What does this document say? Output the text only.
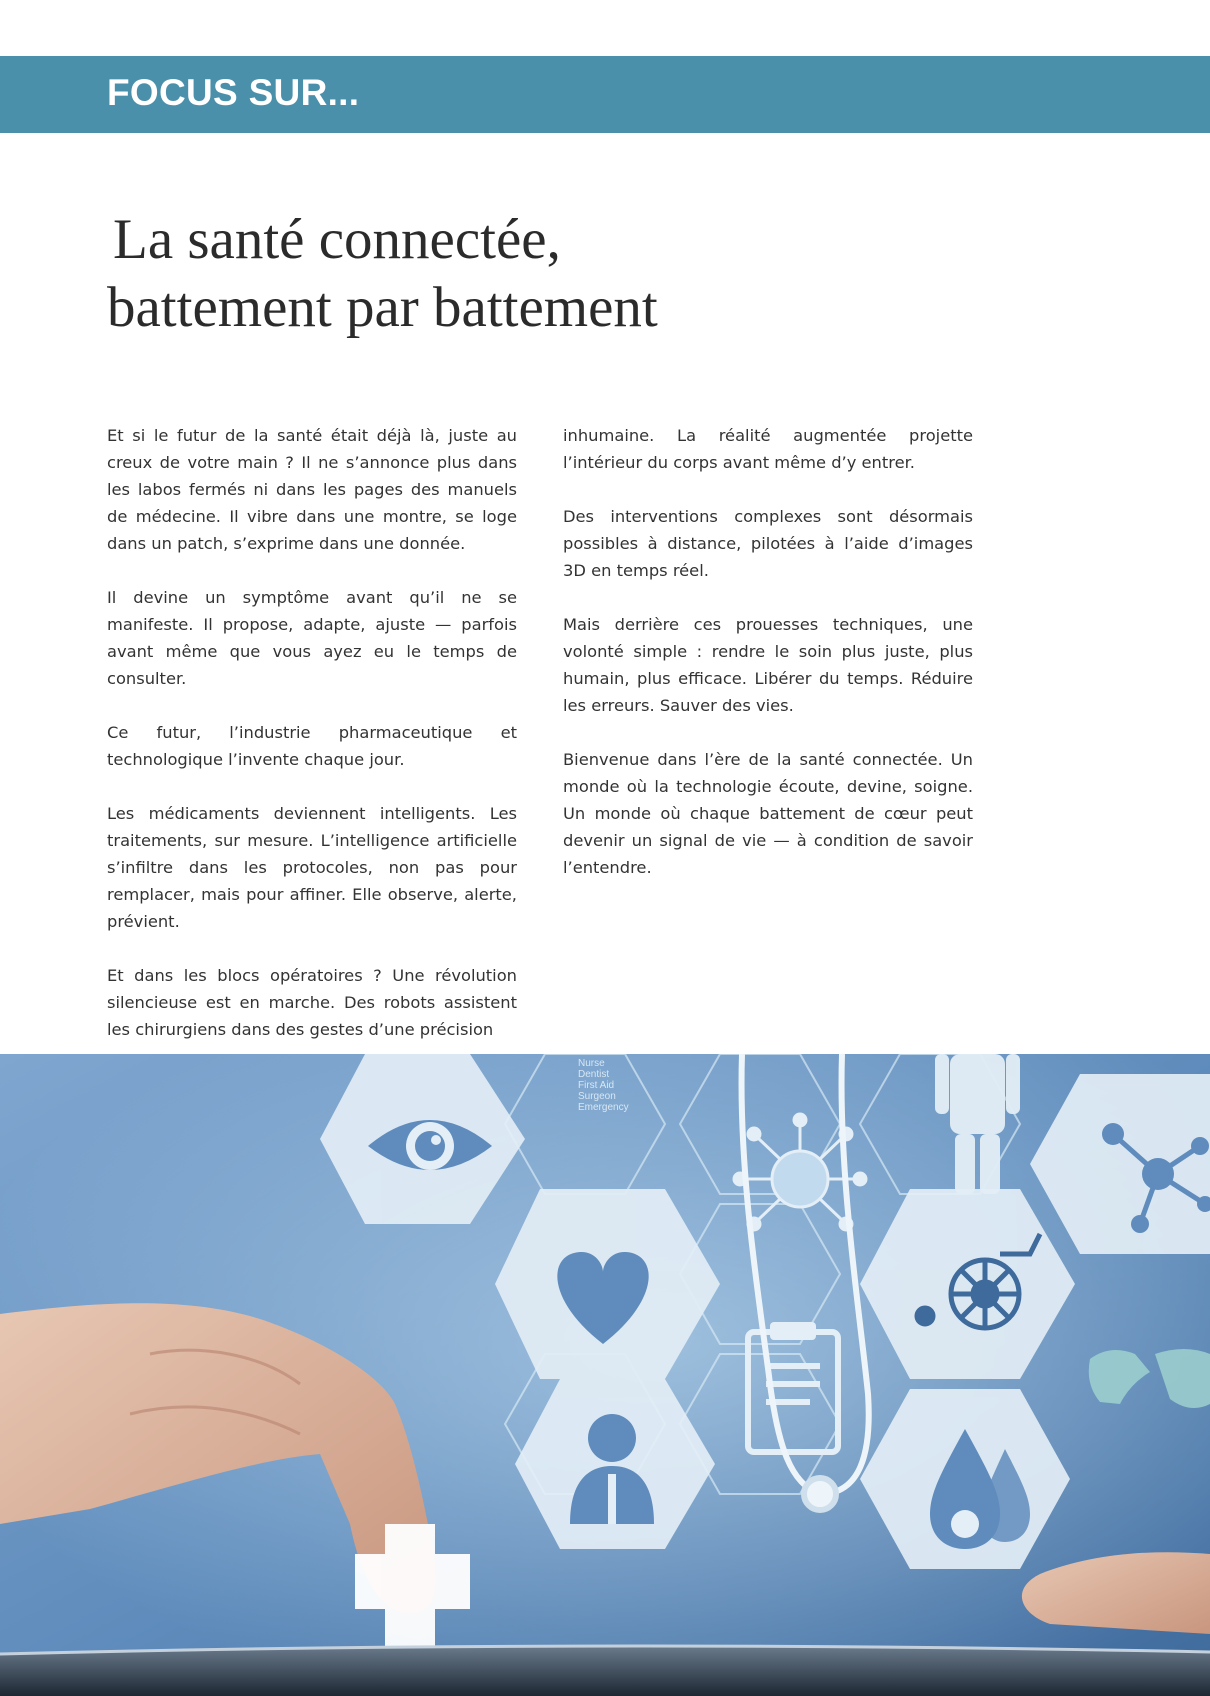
FOCUS SUR...
La santé connectée,
battement par battement

Et si le futur de la santé était déjà là, juste au creux de votre main ? Il ne s’annonce plus dans les labos fermés ni dans les pages des manuels de médecine. Il vibre dans une montre, se loge dans un patch, s’exprime dans une donnée.

Il devine un symptôme avant qu’il ne se manifeste. Il propose, adapte, ajuste — parfois avant même que vous ayez eu le temps de consulter.

Ce futur, l’industrie pharmaceutique et technologique l’invente chaque jour.

Les médicaments deviennent intelligents. Les traitements, sur mesure. L’intelligence artificielle s’infiltre dans les protocoles, non pas pour remplacer, mais pour affiner. Elle observe, alerte, prévient.

Et dans les blocs opératoires ? Une révolution silencieuse est en marche. Des robots assistent les chirurgiens dans des gestes d’une précision

inhumaine. La réalité augmentée projette l’intérieur du corps avant même d’y entrer.

Des interventions complexes sont désormais possibles à distance, pilotées à l’aide d’images 3D en temps réel.

Mais derrière ces prouesses techniques, une volonté simple : rendre le soin plus juste, plus humain, plus efficace. Libérer du temps. Réduire les erreurs. Sauver des vies.

Bienvenue dans l’ère de la santé connectée. Un monde où la technologie écoute, devine, soigne. Un monde où chaque battement de cœur peut devenir un signal de vie — à condition de savoir l’entendre.

Nurse
Dentist
First Aid
Surgeon
Emergency
